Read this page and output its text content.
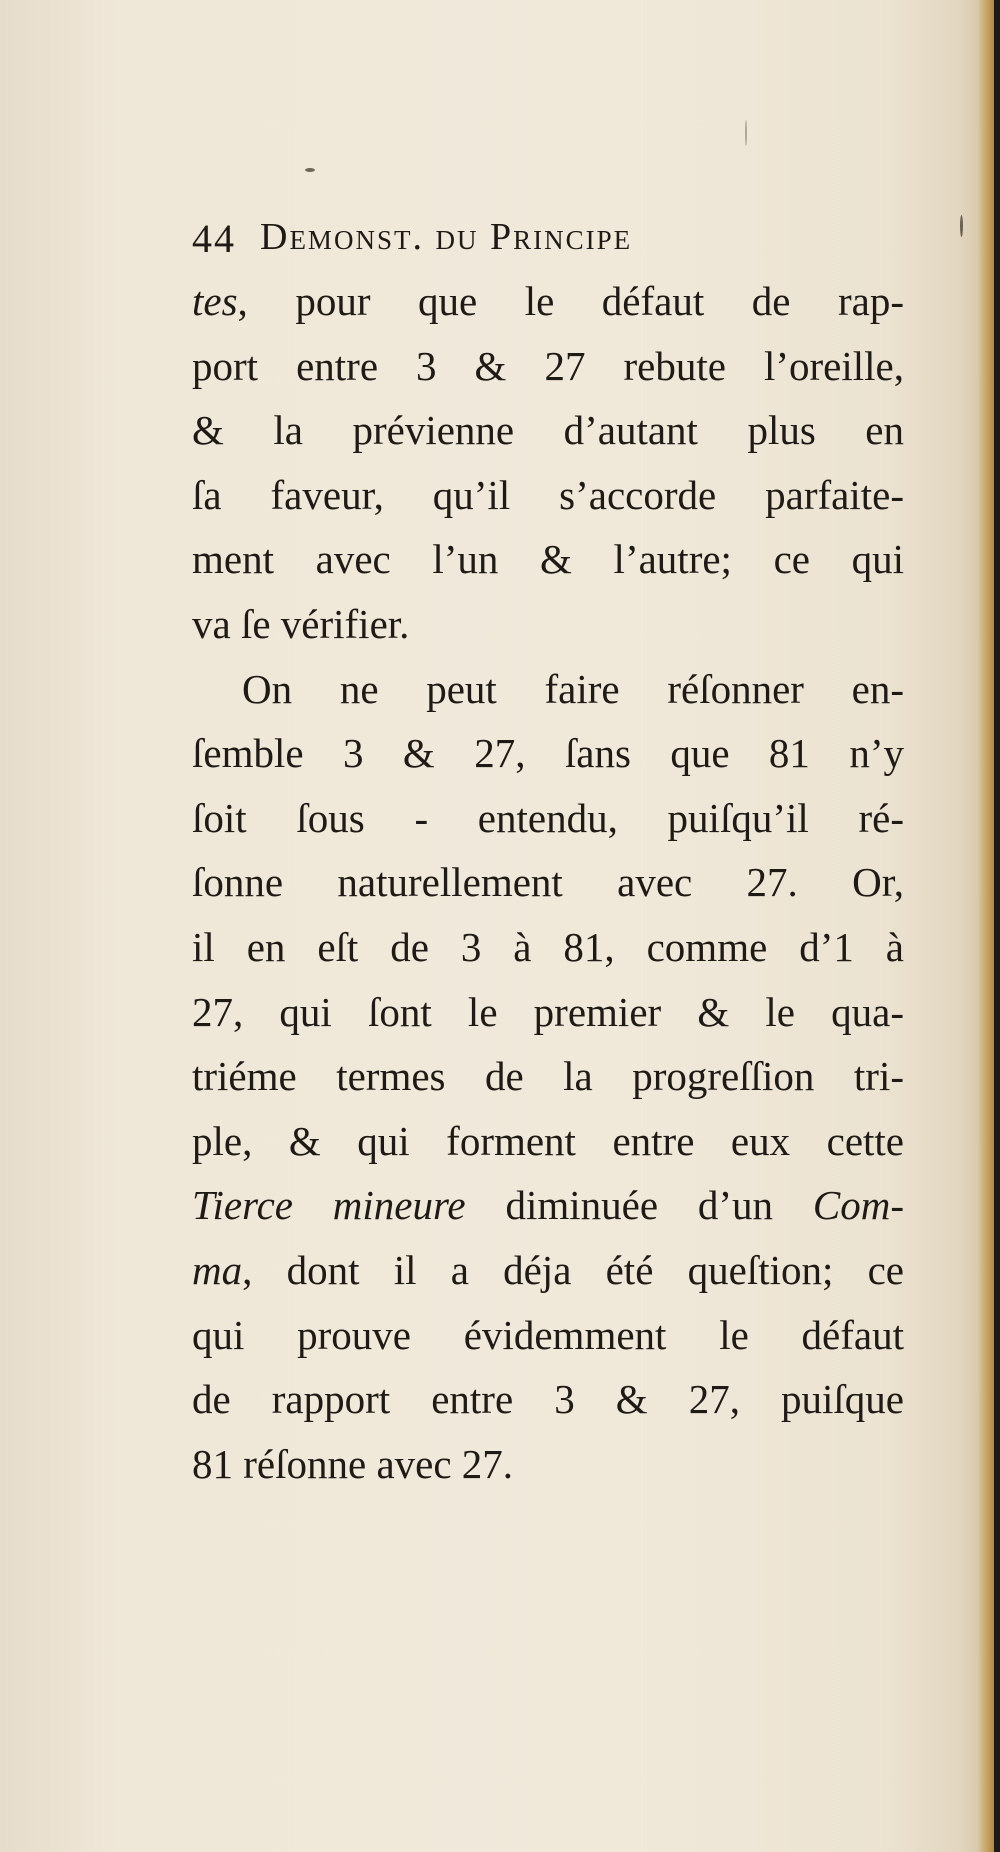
44 Demonst. du Principe
tes, pour que le défaut de rap-
port entre 3 & 27 rebute l’oreille,
& la prévienne d’autant plus en
ſa faveur, qu’il s’accorde parfaite-
ment avec l’un & l’autre; ce qui
va ſe vérifier.
On ne peut faire réſonner en-
ſemble 3 & 27, ſans que 81 n’y
ſoit ſous - entendu, puiſqu’il ré-
ſonne naturellement avec 27. Or,
il en eſt de 3 à 81, comme d’1 à
27, qui ſont le premier & le qua-
triéme termes de la progreſſion tri-
ple, & qui forment entre eux cette
Tierce mineure diminuée d’un Com-
ma, dont il a déja été queſtion; ce
qui prouve évidemment le défaut
de rapport entre 3 & 27, puiſque
81 réſonne avec 27.
